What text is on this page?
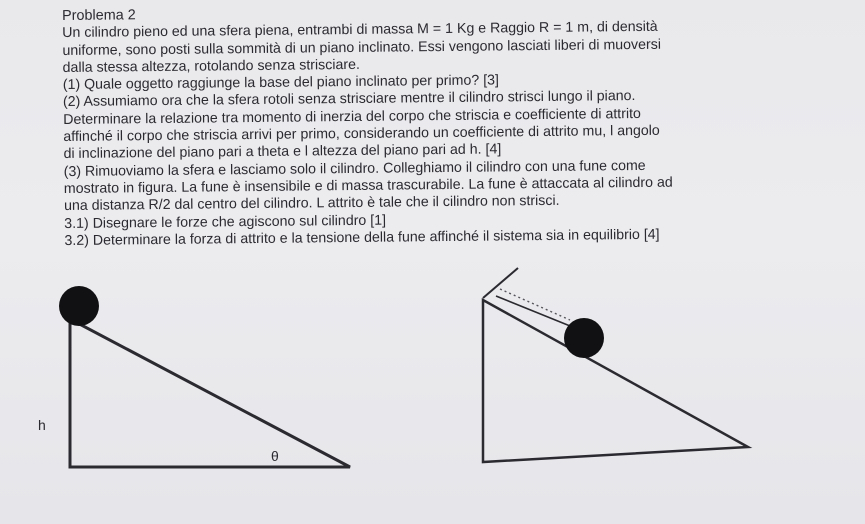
Problema 2
Un cilindro pieno ed una sfera piena, entrambi di massa M = 1 Kg e Raggio R = 1 m, di densità
uniforme, sono posti sulla sommità di un piano inclinato. Essi vengono lasciati liberi di muoversi
dalla stessa altezza, rotolando senza strisciare.
(1) Quale oggetto raggiunge la base del piano inclinato per primo? [3]
(2) Assumiamo ora che la sfera rotoli senza strisciare mentre il cilindro strisci lungo il piano.
Determinare la relazione tra momento di inerzia del corpo che striscia e coefficiente di attrito
affinché il corpo che striscia arrivi per primo, considerando un coefficiente di attrito mu, l angolo
di inclinazione del piano pari a theta e l altezza del piano pari ad h. [4]
(3) Rimuoviamo la sfera e lasciamo solo il cilindro. Colleghiamo il cilindro con una fune come
mostrato in figura. La fune è insensibile e di massa trascurabile. La fune è attaccata al cilindro ad
una distanza R/2 dal centro del cilindro. L attrito è tale che il cilindro non strisci.
3.1) Disegnare le forze che agiscono sul cilindro [1]
3.2) Determinare la forza di attrito e la tensione della fune affinché il sistema sia in equilibrio [4]
h
θ
